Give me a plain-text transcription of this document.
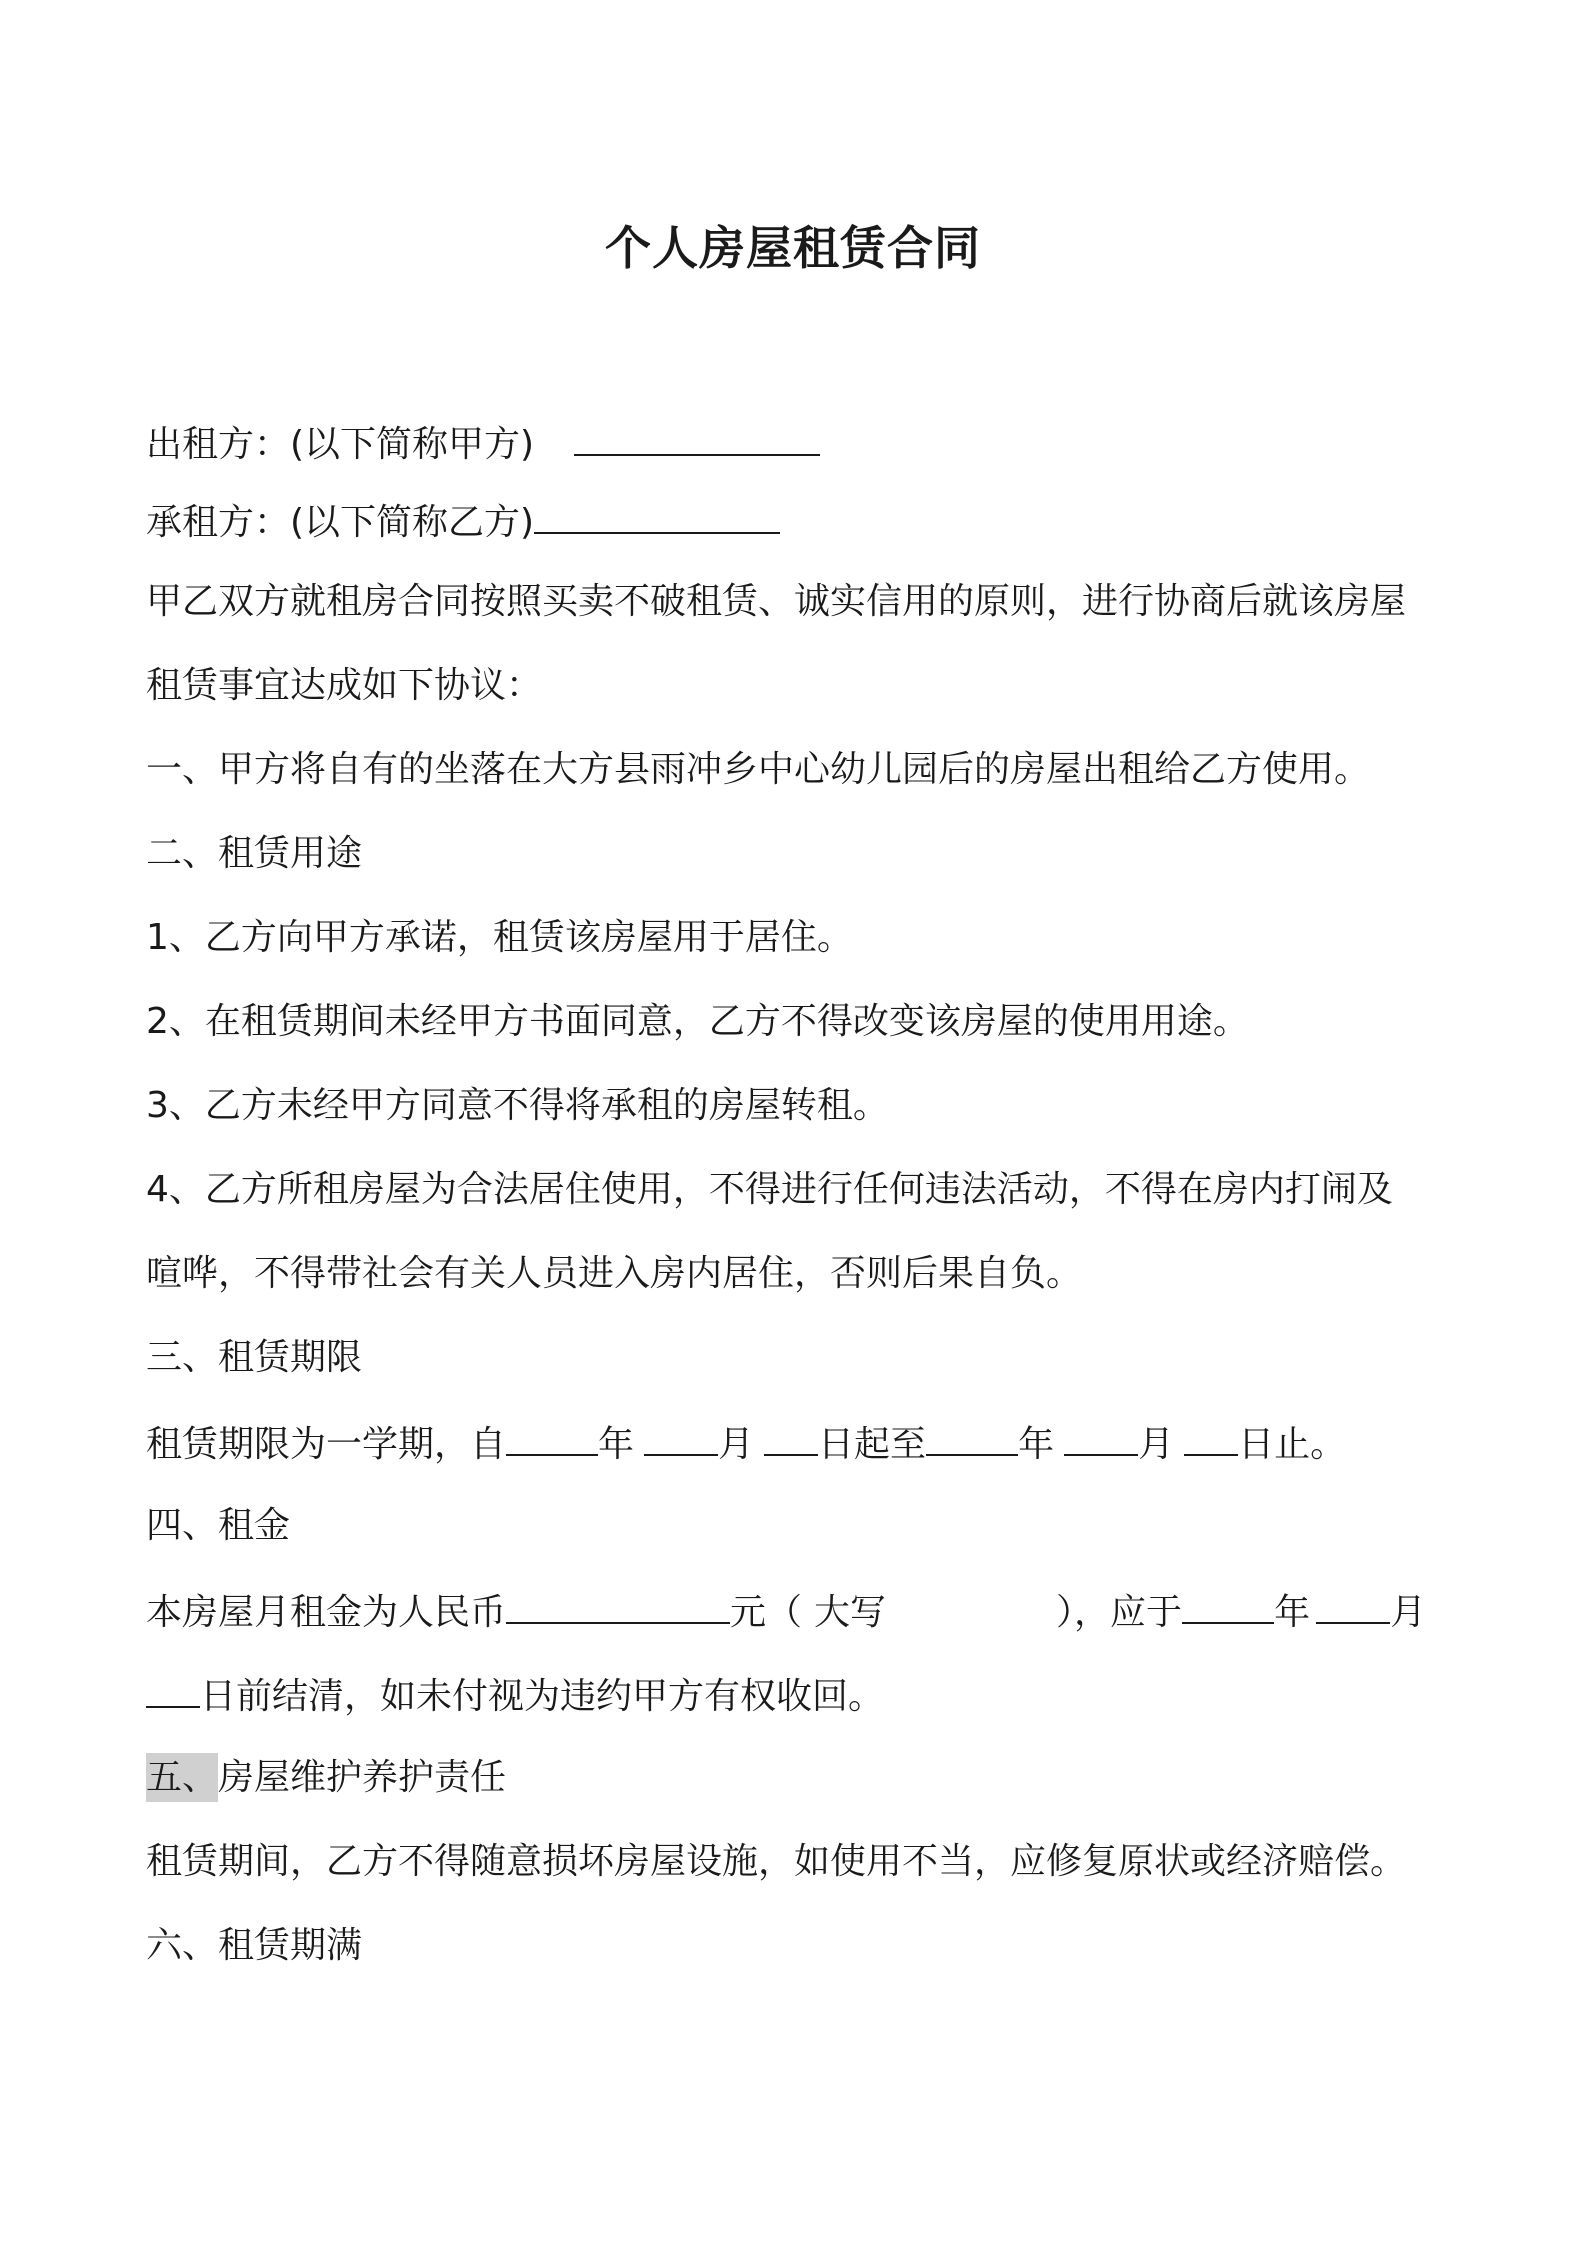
个人房屋租赁合同
出租方：(以下简称甲方)
承租方：(以下简称乙方)
甲乙双方就租房合同按照买卖不破租赁、诚实信用的原则，进行协商后就该房屋
租赁事宜达成如下协议：
一、甲方将自有的坐落在大方县雨冲乡中心幼儿园后的房屋出租给乙方使用。
二、租赁用途
1、乙方向甲方承诺，租赁该房屋用于居住。
2、在租赁期间未经甲方书面同意，乙方不得改变该房屋的使用用途。
3、乙方未经甲方同意不得将承租的房屋转租。
4、乙方所租房屋为合法居住使用，不得进行任何违法活动，不得在房内打闹及
喧哗，不得带社会有关人员进入房内居住，否则后果自负。
三、租赁期限
租赁期限为一学期，自	年 月 日起至	年 月 日止。
四、租金
本房屋月租金为人民币	元（ 大写	），应于	年 月
日前结清，如未付视为违约甲方有权收回。
五、房屋维护养护责任
租赁期间，乙方不得随意损坏房屋设施，如使用不当，应修复原状或经济赔偿。
六、租赁期满
